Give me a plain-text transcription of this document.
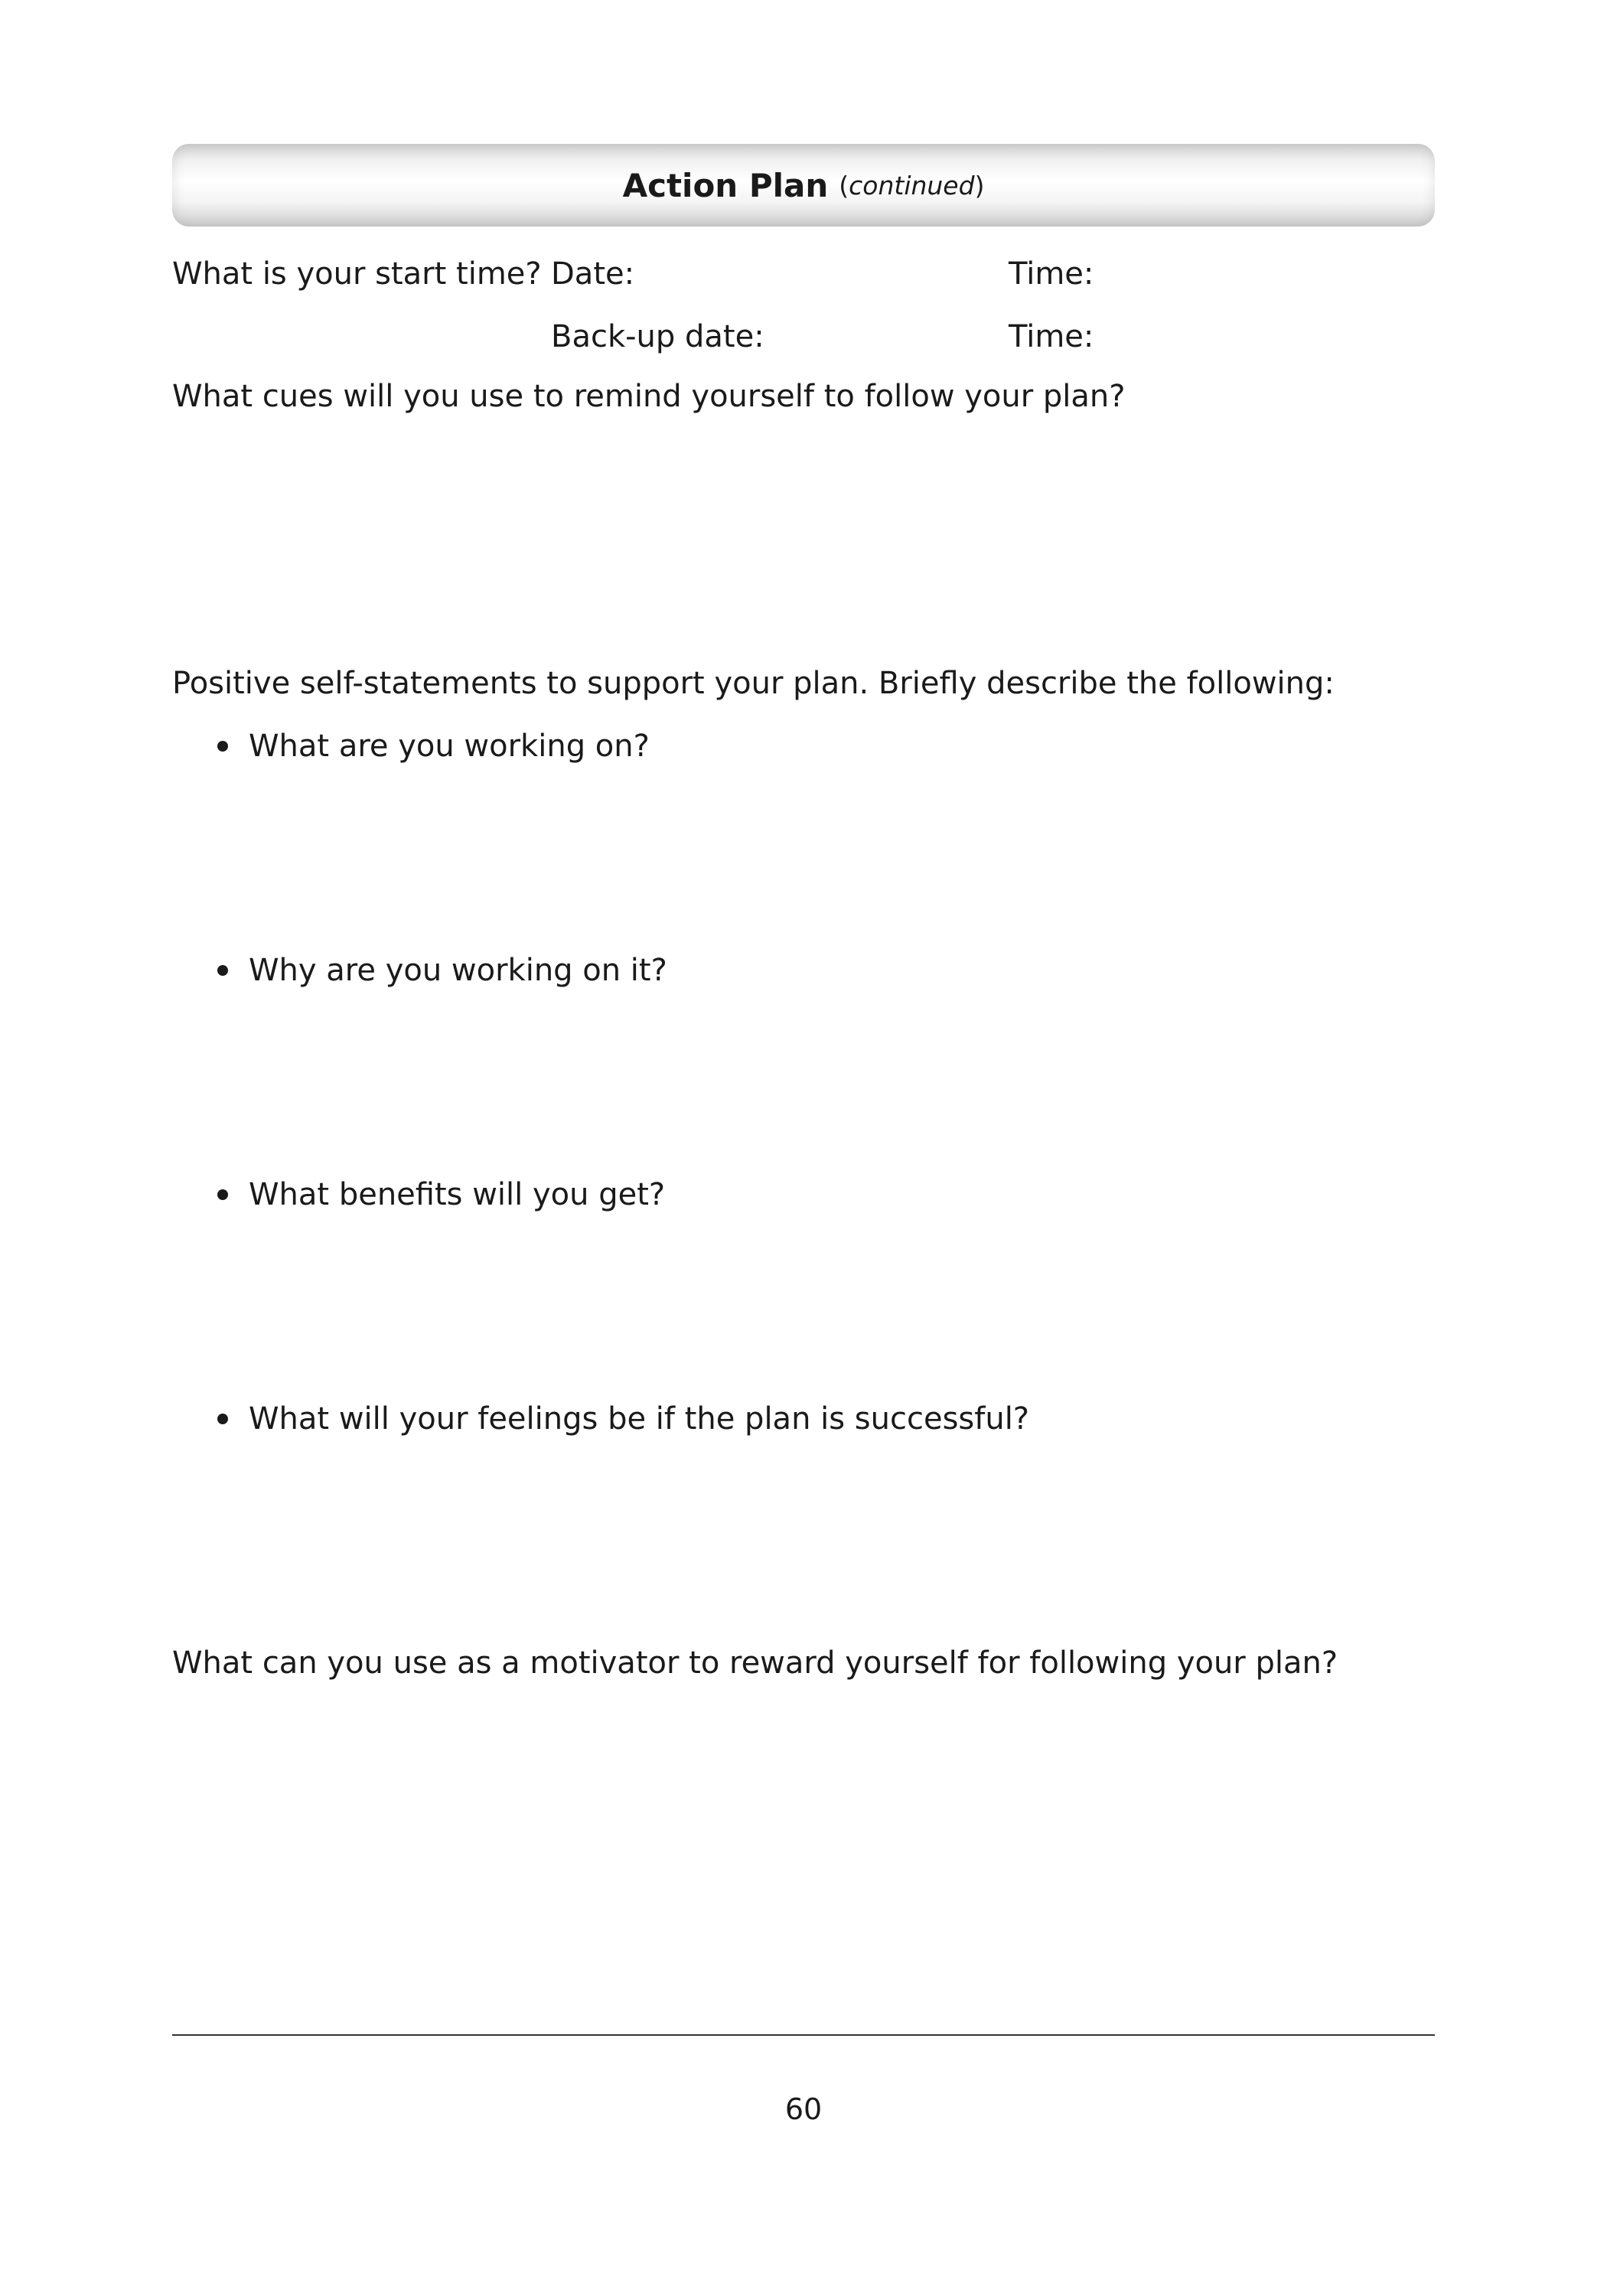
Action Plan (continued)
What is your start time? Date:	Time:
Back-up date:	Time:
What cues will you use to remind yourself to follow your plan?
Positive self-statements to support your plan. Briefly describe the following:
What are you working on?
Why are you working on it?
What benefits will you get?
What will your feelings be if the plan is successful?
What can you use as a motivator to reward yourself for following your plan?
60
